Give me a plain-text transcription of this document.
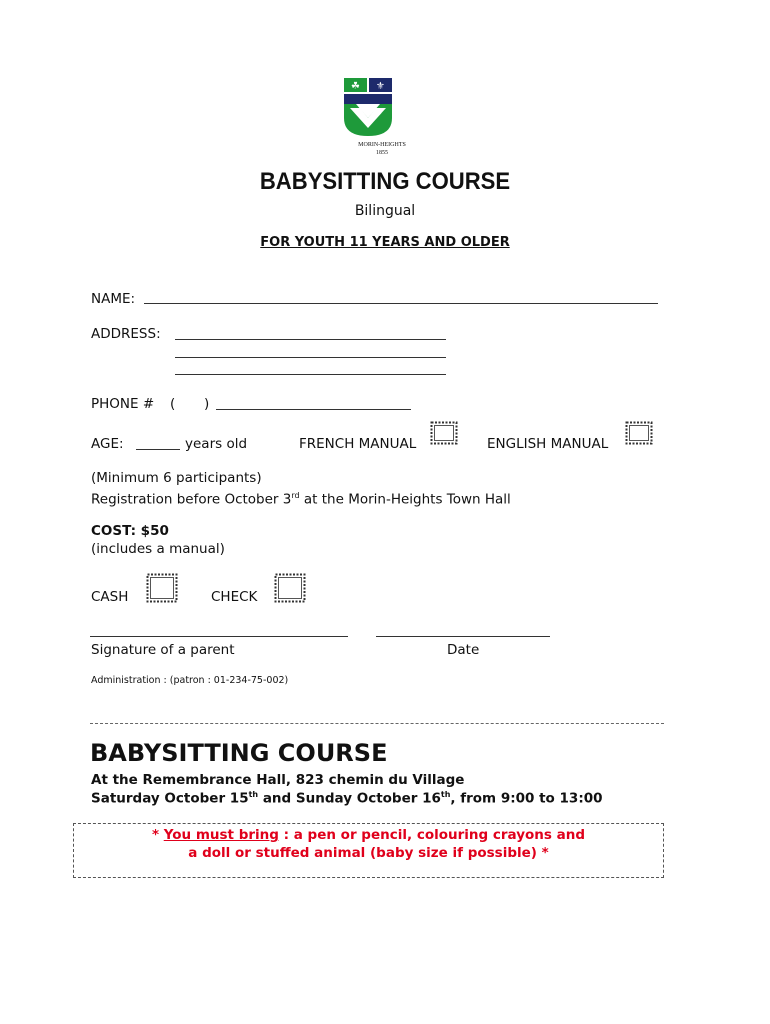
☘ ⚜
MORIN-HEIGHTS
1855
BABYSITTING COURSE
Bilingual
FOR YOUTH 11 YEARS AND OLDER
NAME:
ADDRESS:
PHONE # ( )
AGE:	years old	FRENCH MANUAL	ENGLISH MANUAL
(Minimum 6 participants)
Registration before October 3rd at the Morin-Heights Town Hall
COST: $50
(includes a manual)
CASH	CHECK
Signature of a parent	Date
Administration : (patron : 01-234-75-002)
BABYSITTING COURSE
At the Remembrance Hall, 823 chemin du Village
Saturday October 15th and Sunday October 16th, from 9:00 to 13:00
* You must bring : a pen or pencil, colouring crayons and
a doll or stuffed animal (baby size if possible) *
